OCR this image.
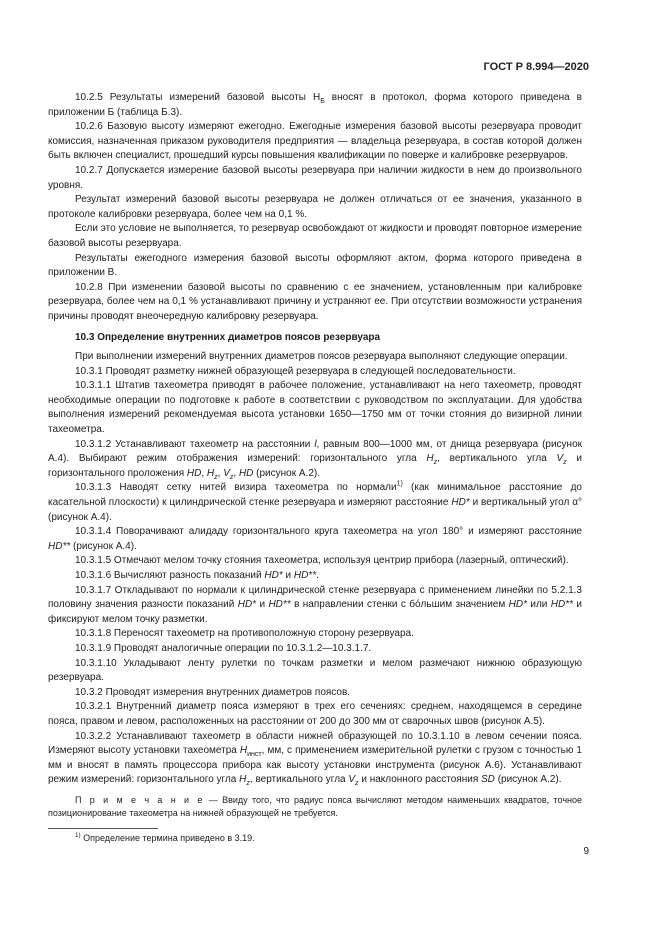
ГОСТ Р 8.994—2020

10.2.5 Результаты измерений базовой высоты $H_Б$ вносят в протокол, форма которого приведена в приложении Б (таблица Б.3).

10.2.6 Базовую высоту измеряют ежегодно. Ежегодные измерения базовой высоты резервуара проводит комиссия, назначенная приказом руководителя предприятия — владельца резервуара, в состав которой должен быть включен специалист, прошедший курсы повышения квалификации по поверке и калибровке резервуаров.

10.2.7 Допускается измерение базовой высоты резервуара при наличии жидкости в нем до произвольного уровня.

Результат измерений базовой высоты резервуара не должен отличаться от ее значения, указанного в протоколе калибровки резервуара, более чем на 0,1 %.

Если это условие не выполняется, то резервуар освобождают от жидкости и проводят повторное измерение базовой высоты резервуара.

Результаты ежегодного измерения базовой высоты оформляют актом, форма которого приведена в приложении В.

10.2.8 При изменении базовой высоты по сравнению с ее значением, установленным при калибровке резервуара, более чем на 0,1 % устанавливают причину и устраняют ее. При отсутствии возможности устранения причины проводят внеочередную калибровку резервуара.

10.3 Определение внутренних диаметров поясов резервуара

При выполнении измерений внутренних диаметров поясов резервуара выполняют следующие операции.

10.3.1 Проводят разметку нижней образующей резервуара в следующей последовательности.

10.3.1.1 Штатив тахеометра приводят в рабочее положение, устанавливают на него тахеометр, проводят необходимые операции по подготовке к работе в соответствии с руководством по эксплуатации. Для удобства выполнения измерений рекомендуемая высота установки 1650—1750 мм от точки стояния до визирной линии тахеометра.

10.3.1.2 Устанавливают тахеометр на расстоянии l, равным 800—1000 мм, от днища резервуара (рисунок А.4). Выбирают режим отображения измерений: горизонтального угла $H_z$, вертикального угла $V_z$ и горизонтального проложения HD, $H_z$, $V_z$, HD (рисунок А.2).

10.3.1.3 Наводят сетку нитей визира тахеометра по нормали$^{1)}$ (как минимальное расстояние до касательной плоскости) к цилиндрической стенке резервуара и измеряют расстояние HD* и вертикальный угол α° (рисунок А.4).

10.3.1.4 Поворачивают алидаду горизонтального круга тахеометра на угол 180° и измеряют расстояние HD** (рисунок А.4).

10.3.1.5 Отмечают мелом точку стояния тахеометра, используя центрир прибора (лазерный, оптический).

10.3.1.6 Вычисляют разность показаний HD* и HD**.

10.3.1.7 Откладывают по нормали к цилиндрической стенке резервуара с применением линейки по 5.2.1.3 половину значения разности показаний HD* и HD** в направлении стенки с бо́льшим значением HD* или HD** и фиксируют мелом точку разметки.

10.3.1.8 Переносят тахеометр на противоположную сторону резервуара.

10.3.1.9 Проводят аналогичные операции по 10.3.1.2—10.3.1.7.

10.3.1.10 Укладывают ленту рулетки по точкам разметки и мелом размечают нижнюю образующую резервуара.

10.3.2 Проводят измерения внутренних диаметров поясов.

10.3.2.1 Внутренний диаметр пояса измеряют в трех его сечениях: среднем, находящемся в середине пояса, правом и левом, расположенных на расстоянии от 200 до 300 мм от сварочных швов (рисунок А.5).

10.3.2.2 Устанавливают тахеометр в области нижней образующей по 10.3.1.10 в левом сечении пояса. Измеряют высоту установки тахеометра $H_{инст}$, мм, с применением измерительной рулетки с грузом с точностью 1 мм и вносят в память процессора прибора как высоту установки инструмента (рисунок А.6). Устанавливают режим измерений: горизонтального угла $H_z$, вертикального угла $V_z$ и наклонного расстояния SD (рисунок А.2).

П р и м е ч а н и е — Ввиду того, что радиус пояса вычисляют методом наименьших квадратов, точное позиционирование тахеометра на нижней образующей не требуется.

$^{1)}$ Определение термина приведено в 3.19.
9
